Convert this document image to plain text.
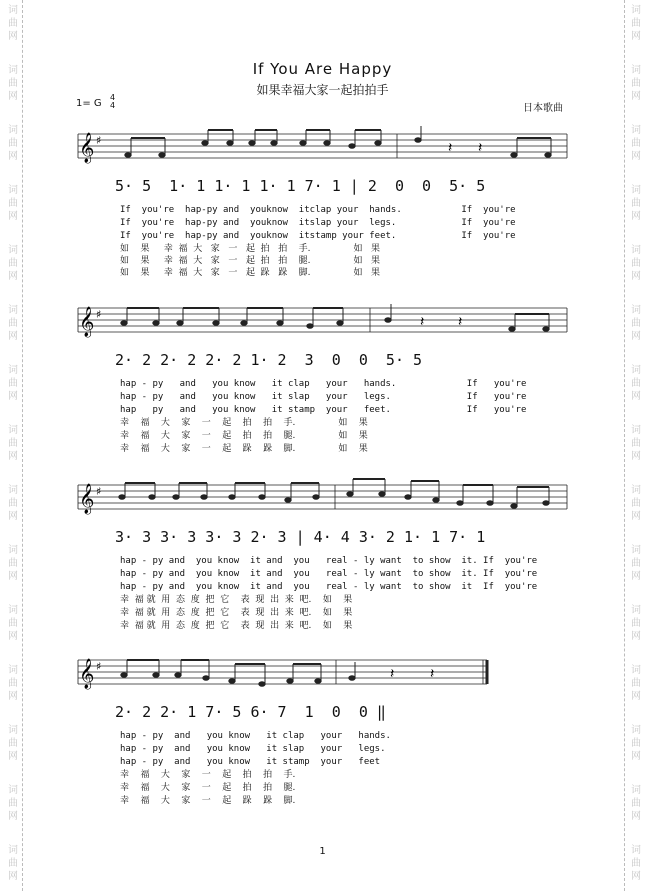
词
曲
网
词
曲
网
词
曲
网
词
曲
网
词
曲
网
词
曲
网
词
曲
网
词
曲
网
词
曲
网
词
曲
网
词
曲
网
词
曲
网
词
曲
网
词
曲
网
词
曲
网
词
曲
网
词
曲
网
词
曲
网
词
曲
网
词
曲
网
词
曲
网
词
曲
网
词
曲
网
词
曲
网
词
曲
网
词
曲
网
词
曲
网
词
曲
网
词
曲
网
词
曲
网
If You Are Happy
如果幸福大家一起拍拍手
1= G
4
4	日本歌曲
𝄞 ♯	𝄽 𝄽
5· 5  1· 1 1· 1 1· 1 7· 1 | 2  0  0  5· 5
If  you're  hap-py and  youknow  itclap your  hands.           If  you're
If  you're  hap-py and  youknow  itslap your  legs.            If  you're
If  you're  hap-py and  youknow  itstamp your feet.            If  you're
如    果     幸  福  大   家   一   起  拍   拍    手.               如   果
如    果     幸  福  大   家   一   起  拍   拍    腿.               如   果
如    果     幸  福  大   家   一   起  跺   跺    脚.               如   果
𝄞 ♯	𝄽 𝄽
2· 2 2· 2 2· 2 1· 2  3  0  0  5· 5
hap - py   and   you know   it clap   your   hands.             If   you're
hap - py   and   you know   it slap   your   legs.              If   you're
hap   py   and   you know   it stamp  your   feet.              If   you're
幸    福    大    家    一    起    拍    拍    手.               如    果
幸    福    大    家    一    起    拍    拍    腿.               如    果
幸    福    大    家    一    起    跺    跺    脚.               如    果
𝄞 ♯
3· 3 3· 3 3· 3 2· 3 | 4· 4 3· 2 1· 1 7· 1
hap - py and  you know  it and  you   real - ly want  to show  it. If  you're
hap - py and  you know  it and  you   real - ly want  to show  it. If  you're
hap - py and  you know  it and  you   real - ly want  to show  it  If  you're
幸  福 就  用  态  度  把  它    表  现  出  来  吧.    如    果
幸  福 就  用  态  度  把  它    表  现  出  来  吧.    如    果
幸  福 就  用  态  度  把  它    表  现  出  来  吧.    如    果
𝄞 ♯	𝄽	𝄽
2· 2 2· 1 7· 5 6· 7  1  0  0 ‖
hap - py  and   you know   it clap   your   hands.
hap - py  and   you know   it slap   your   legs.
hap - py  and   you know   it stamp  your   feet
幸    福    大    家    一    起    拍    拍    手.
幸    福    大    家    一    起    拍    拍    腿.
幸    福    大    家    一    起    跺    跺    脚.
1
